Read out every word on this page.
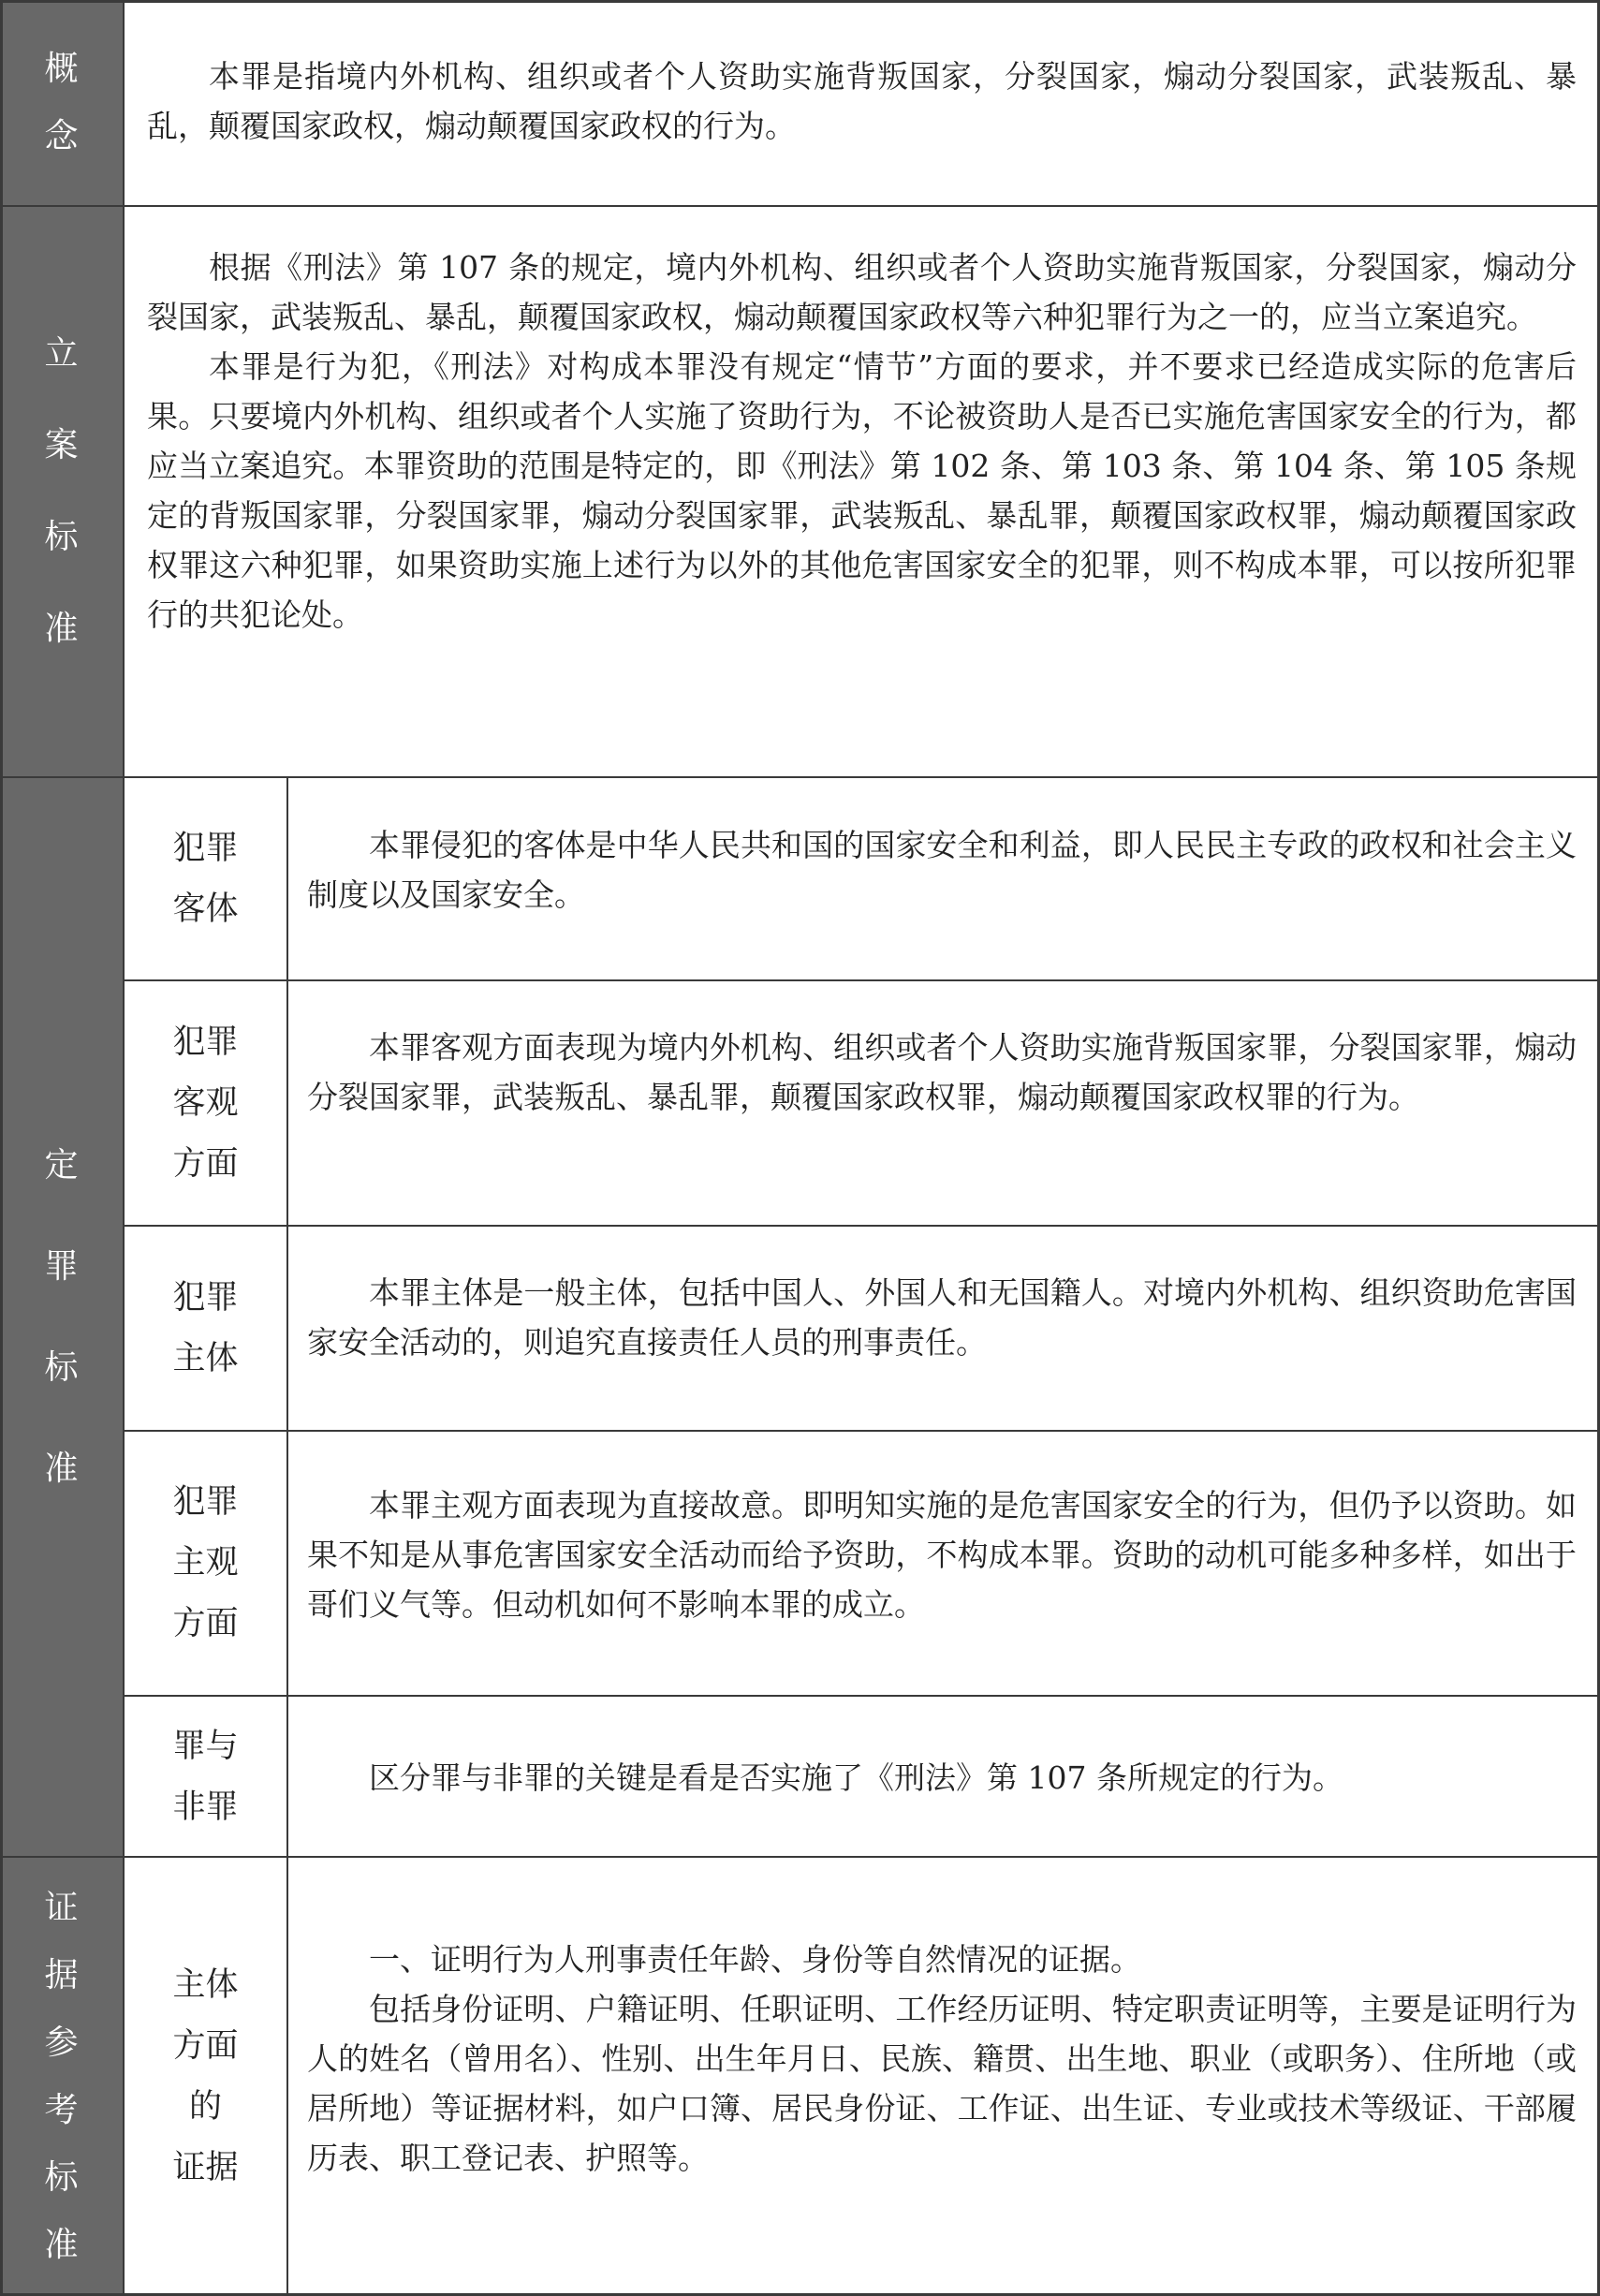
概
念

本罪是指境内外机构、组织或者个人资助实施背叛国家，分裂国家，煽动分裂国家，武装叛乱、暴乱，颠覆国家政权，煽动颠覆国家政权的行为。

立
案
标
准

根据《刑法》第 107 条的规定，境内外机构、组织或者个人资助实施背叛国家，分裂国家，煽动分裂国家，武装叛乱、暴乱，颠覆国家政权，煽动颠覆国家政权等六种犯罪行为之一的，应当立案追究。

本罪是行为犯，《刑法》对构成本罪没有规定“情节”方面的要求，并不要求已经造成实际的危害后果。只要境内外机构、组织或者个人实施了资助行为，不论被资助人是否已实施危害国家安全的行为，都应当立案追究。本罪资助的范围是特定的，即《刑法》第 102 条、第 103 条、第 104 条、第 105 条规定的背叛国家罪，分裂国家罪，煽动分裂国家罪，武装叛乱、暴乱罪，颠覆国家政权罪，煽动颠覆国家政权罪这六种犯罪，如果资助实施上述行为以外的其他危害国家安全的犯罪，则不构成本罪，可以按所犯罪行的共犯论处。

定
罪
标
准
犯罪
客体

本罪侵犯的客体是中华人民共和国的国家安全和利益，即人民民主专政的政权和社会主义制度以及国家安全。

犯罪
客观
方面

本罪客观方面表现为境内外机构、组织或者个人资助实施背叛国家罪，分裂国家罪，煽动分裂国家罪，武装叛乱、暴乱罪，颠覆国家政权罪，煽动颠覆国家政权罪的行为。

犯罪
主体

本罪主体是一般主体，包括中国人、外国人和无国籍人。对境内外机构、组织资助危害国家安全活动的，则追究直接责任人员的刑事责任。

犯罪
主观
方面

本罪主观方面表现为直接故意。即明知实施的是危害国家安全的行为，但仍予以资助。如果不知是从事危害国家安全活动而给予资助，不构成本罪。资助的动机可能多种多样，如出于哥们义气等。但动机如何不影响本罪的成立。

罪与
非罪

区分罪与非罪的关键是看是否实施了《刑法》第 107 条所规定的行为。

证
据
参
考
标
准
主体
方面
的
证据

一、证明行为人刑事责任年龄、身份等自然情况的证据。

包括身份证明、户籍证明、任职证明、工作经历证明、特定职责证明等，主要是证明行为人的姓名（曾用名）、性别、出生年月日、民族、籍贯、出生地、职业（或职务）、住所地（或居所地）等证据材料，如户口簿、居民身份证、工作证、出生证、专业或技术等级证、干部履历表、职工登记表、护照等。
